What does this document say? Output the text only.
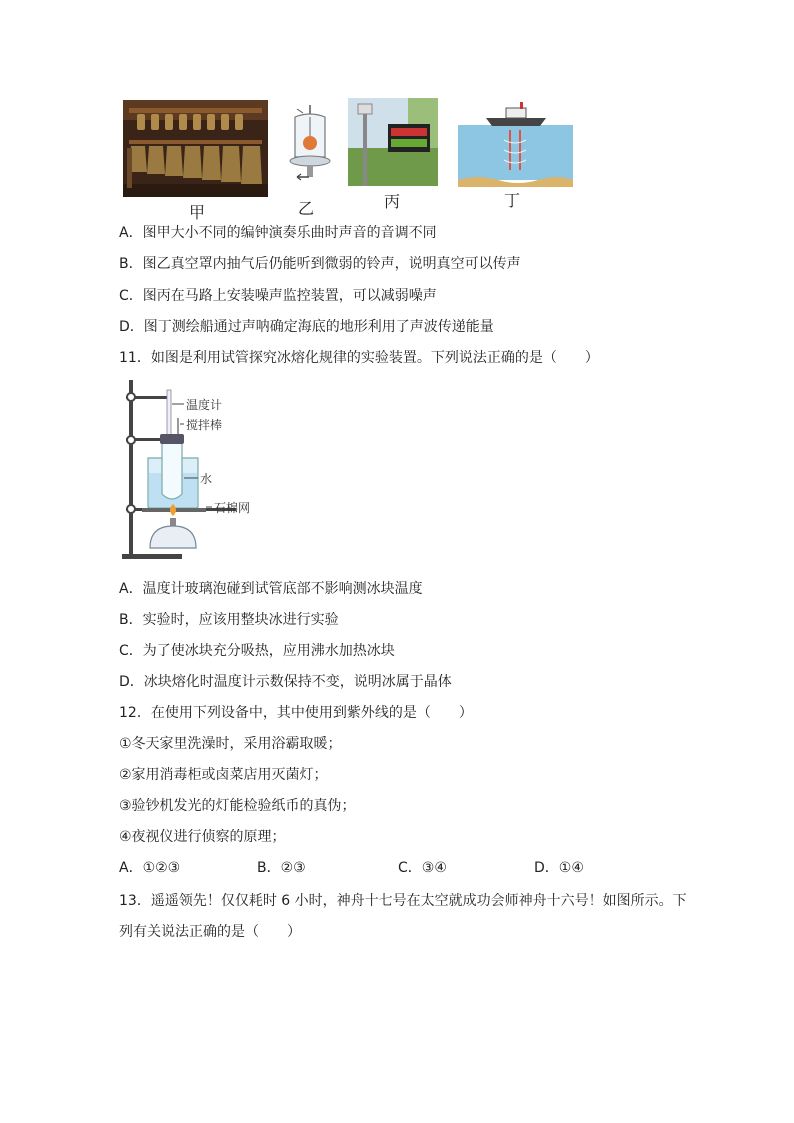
甲	乙	丙	丁
A．图甲大小不同的编钟演奏乐曲时声音的音调不同
B．图乙真空罩内抽气后仍能听到微弱的铃声，说明真空可以传声
C．图丙在马路上安装噪声监控装置，可以减弱噪声
D．图丁测绘船通过声呐确定海底的地形利用了声波传递能量
11．如图是利用试管探究冰熔化规律的实验装置。下列说法正确的是（　　）
温度计
搅拌棒
水
石棉网
A．温度计玻璃泡碰到试管底部不影响测冰块温度
B．实验时，应该用整块冰进行实验
C．为了使冰块充分吸热，应用沸水加热冰块
D．冰块熔化时温度计示数保持不变，说明冰属于晶体
12．在使用下列设备中，其中使用到紫外线的是（　　）
①冬天家里洗澡时，采用浴霸取暖；
②家用消毒柜或卤菜店用灭菌灯；
③验钞机发光的灯能检验纸币的真伪；
④夜视仪进行侦察的原理；
A．①②③	B．②③	C．③④	D．①④
13．遥遥领先！仅仅耗时 6 小时，神舟十七号在太空就成功会师神舟十六号！如图所示。下
列有关说法正确的是（　　）
